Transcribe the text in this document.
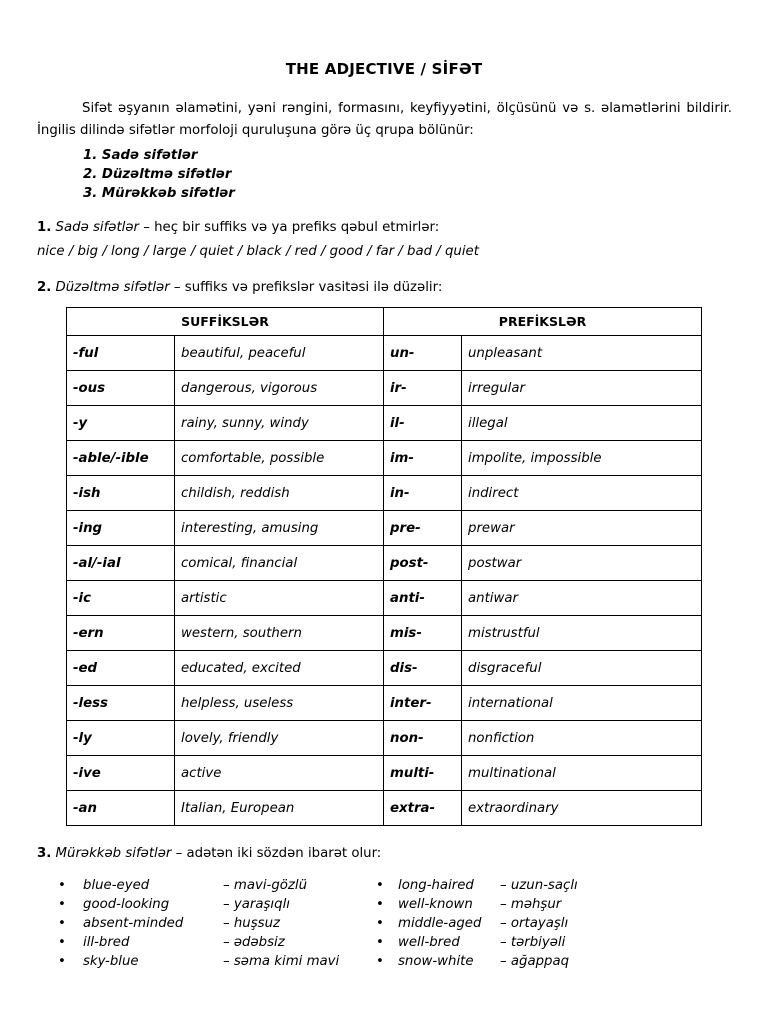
THE ADJECTIVE / SİFƏT
Sifət əşyanın əlamətini, yəni rəngini, formasını, keyfiyyətini, ölçüsünü və s. əlamətlərini bildirir. İngilis dilində sifətlər morfoloji quruluşuna görə üç qrupa bölünür:
1. Sadə sifətlər
2. Düzəltmə sifətlər
3. Mürəkkəb sifətlər
1. Sadə sifətlər – heç bir suffiks və ya prefiks qəbul etmirlər:
nice / big / long / large / quiet / black / red / good / far / bad / quiet
2. Düzəltmə sifətlər – suffiks və prefikslər vasitəsi ilə düzəlir:
SUFFİKSLƏR		PREFİKSLƏR	
-ful	beautiful, peaceful	un-	unpleasant
-ous	dangerous, vigorous	ir-	irregular
-y	rainy, sunny, windy	il-	illegal
-able/-ible	comfortable, possible	im-	impolite, impossible
-ish	childish, reddish	in-	indirect
-ing	interesting, amusing	pre-	prewar
-al/-ial	comical, financial	post-	postwar
-ic	artistic	anti-	antiwar
-ern	western, southern	mis-	mistrustful
-ed	educated, excited	dis-	disgraceful
-less	helpless, useless	inter-	international
-ly	lovely, friendly	non-	nonfiction
-ive	active	multi-	multinational
-an	Italian, European	extra-	extraordinary
3. Mürəkkəb sifətlər – adətən iki sözdən ibarət olur:
• blue-eyed	– mavi-gözlü	• long-haired – uzun-saçlı
• good-looking	– yaraşıqlı	• well-known – məhşur
• absent-minded	– huşsuz	• middle-aged – ortayaşlı
• ill-bred	– ədəbsiz	• well-bred	– tərbiyəli
• sky-blue	– səma kimi mavi	• snow-white – ağappaq
